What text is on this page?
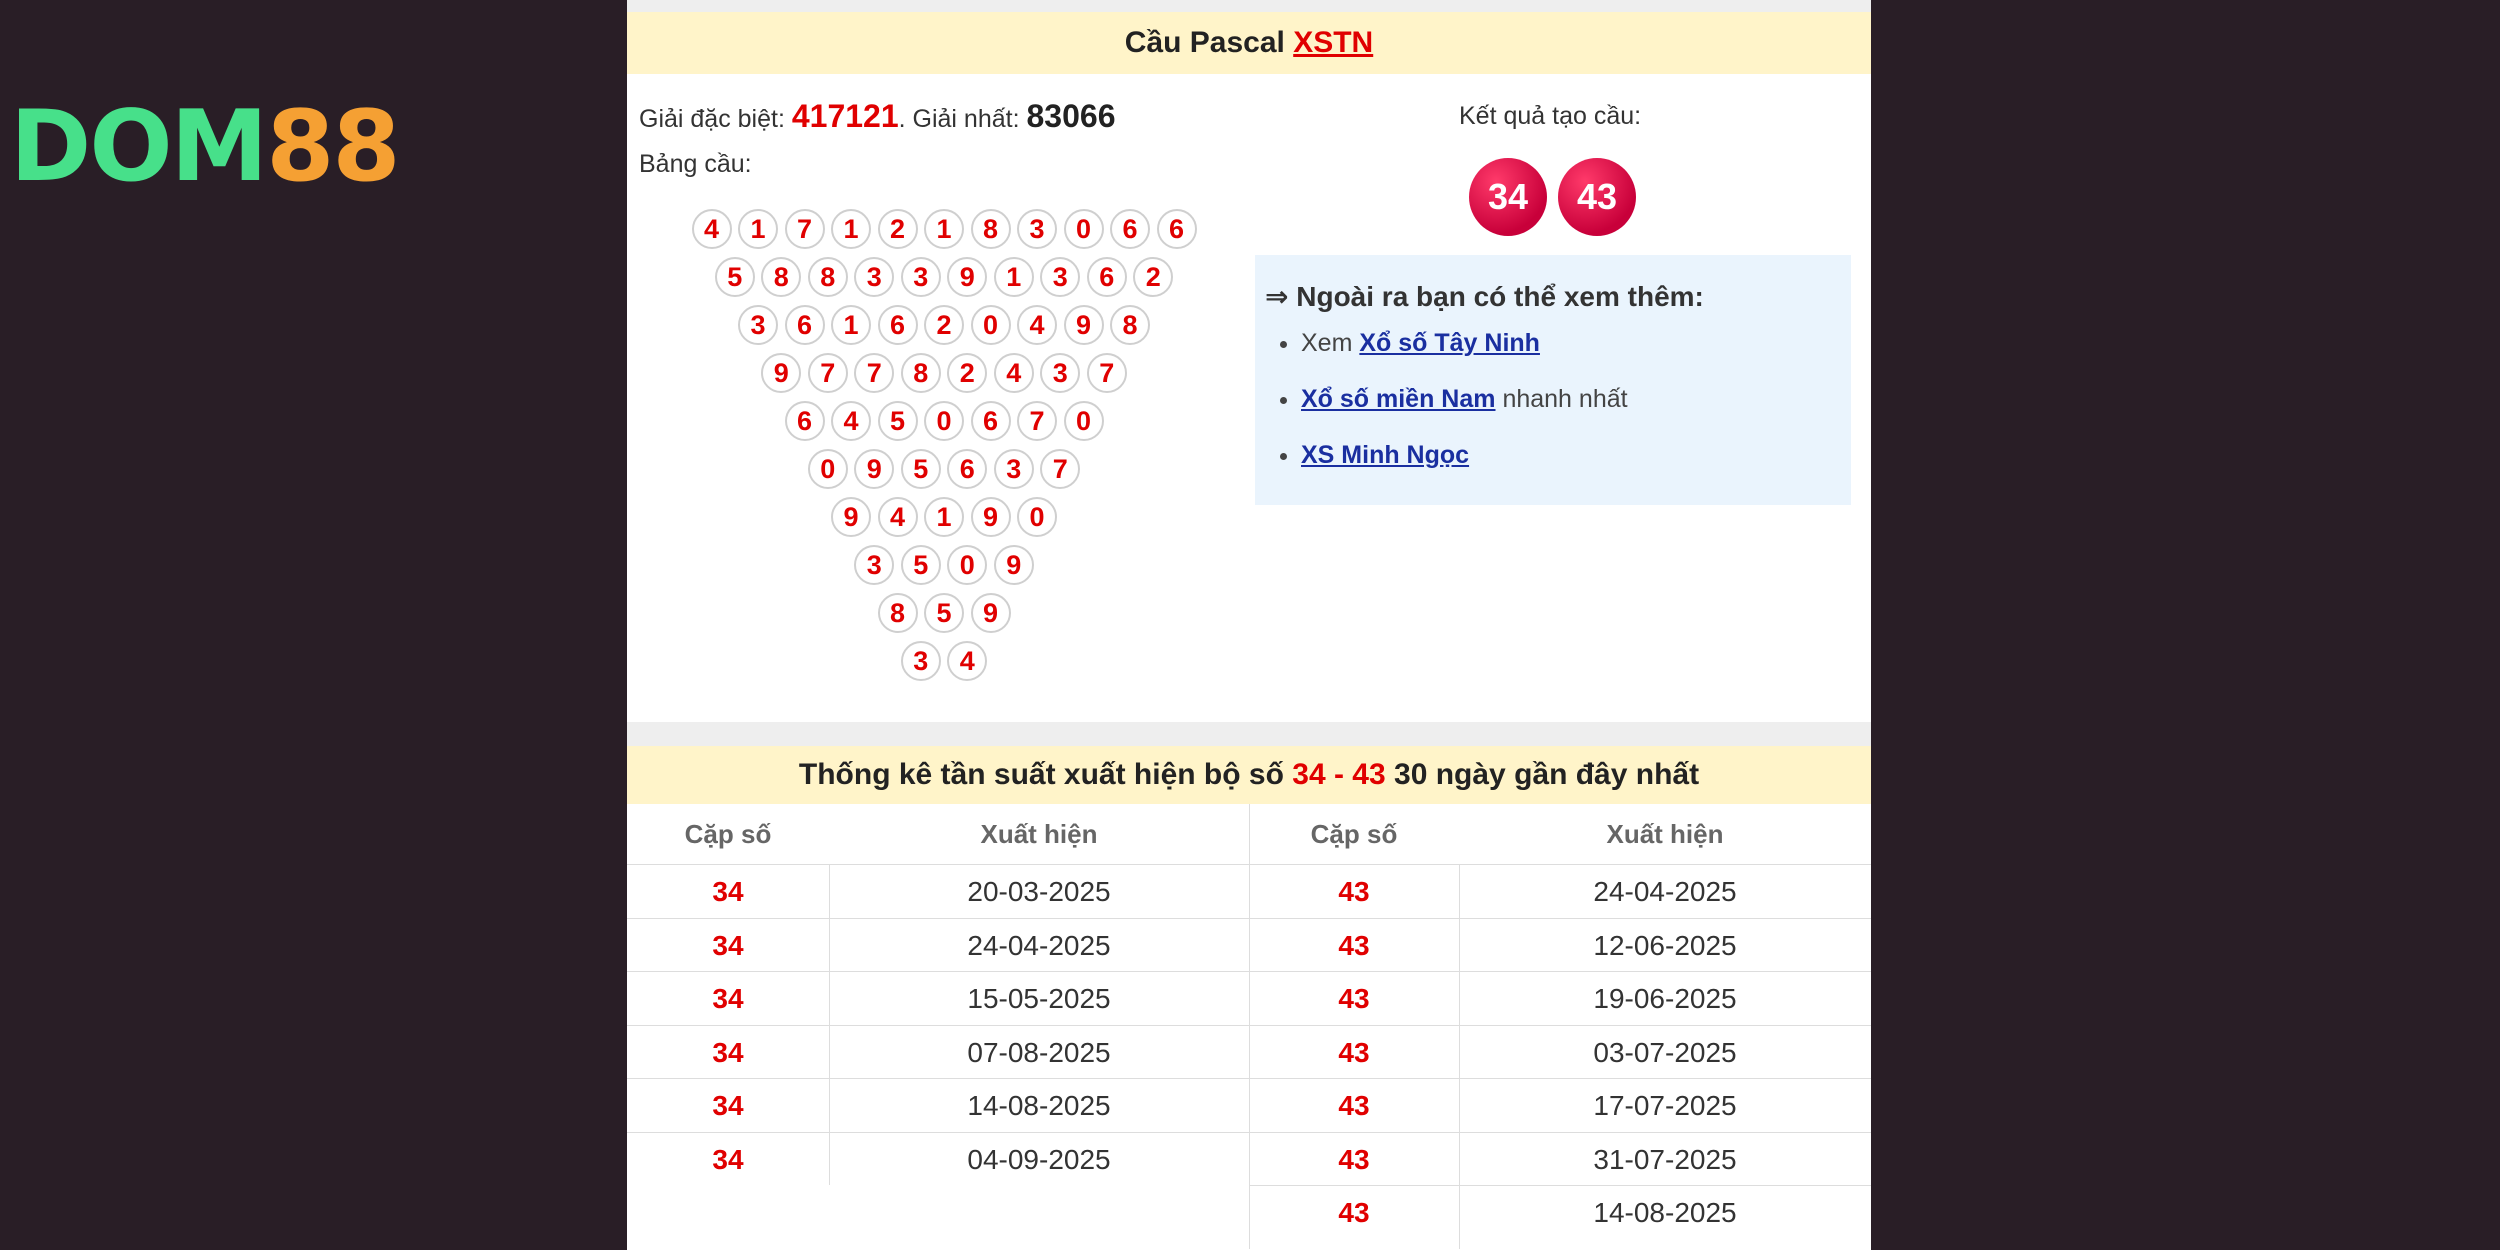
DOM88
Cầu Pascal XSTN
Giải đặc biệt: 417121. Giải nhất: 83066
Bảng cầu:
4	1	7	1	2	1	8	3	0	6	6
5	8	8	3	3	9	1	3	6	2
3	6	1	6	2	0	4	9	8
9	7	7	8	2	4	3	7
6	4	5	0	6	7	0
0	9	5	6	3	7
9	4	1	9	0
3	5	0	9
8	5	9
3	4
Kết quả tạo cầu:
34	43
⇒ Ngoài ra bạn có thể xem thêm:
• Xem Xổ số Tây Ninh
• Xổ số miền Nam nhanh nhất
• XS Minh Ngọc
Thống kê tần suất xuất hiện bộ số 34 - 43 30 ngày gần đây nhất
Cặp số	Xuất hiện	Cặp số	Xuất hiện
34	20-03-2025	43	24-04-2025
34	24-04-2025	43	12-06-2025
34	15-05-2025	43	19-06-2025
34	07-08-2025	43	03-07-2025
34	14-08-2025	43	17-07-2025
34	04-09-2025	43	31-07-2025
43	14-08-2025
